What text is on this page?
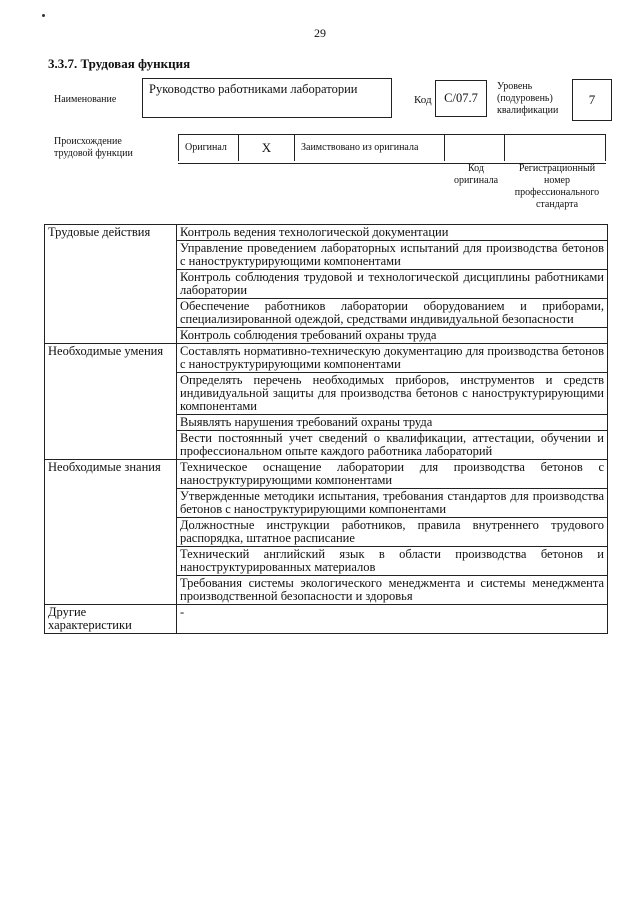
29
3.3.7. Трудовая функция
Наименование
Руководство работниками лаборатории
Код	C/07.7
Уровень
(подуровень)
квалификации
7
Происхождение
трудовой функции
Оригинал	X	Заимствовано из оригинала
Код
оригинала
Регистрационный
номер
профессионального
стандарта
Трудовые действия	Контроль ведения технологической документации
	Управление проведением лабораторных испытаний для производства бетонов с наноструктурирующими компонентами
	Контроль соблюдения трудовой и технологической дисциплины работниками лаборатории
	Обеспечение работников лаборатории оборудованием и приборами, специализированной одеждой, средствами индивидуальной безопасности
	Контроль соблюдения требований охраны труда
Необходимые умения	Составлять нормативно-техническую документацию для производства бетонов с наноструктурирующими компонентами
	Определять перечень необходимых приборов, инструментов и средств индивидуальной защиты для производства бетонов с наноструктурирующими компонентами
	Выявлять нарушения требований охраны труда
	Вести постоянный учет сведений о квалификации, аттестации, обучении и профессиональном опыте каждого работника лабораторий
Необходимые знания	Техническое оснащение лаборатории для производства бетонов с наноструктурирующими компонентами
	Утвержденные методики испытания, требования стандартов для производства бетонов с наноструктурирующими компонентами
	Должностные инструкции работников, правила внутреннего трудового распорядка, штатное расписание
	Технический английский язык в области производства бетонов и наноструктурированных материалов
	Требования системы экологического менеджмента и системы менеджмента производственной безопасности и здоровья
Другие характеристики	-
